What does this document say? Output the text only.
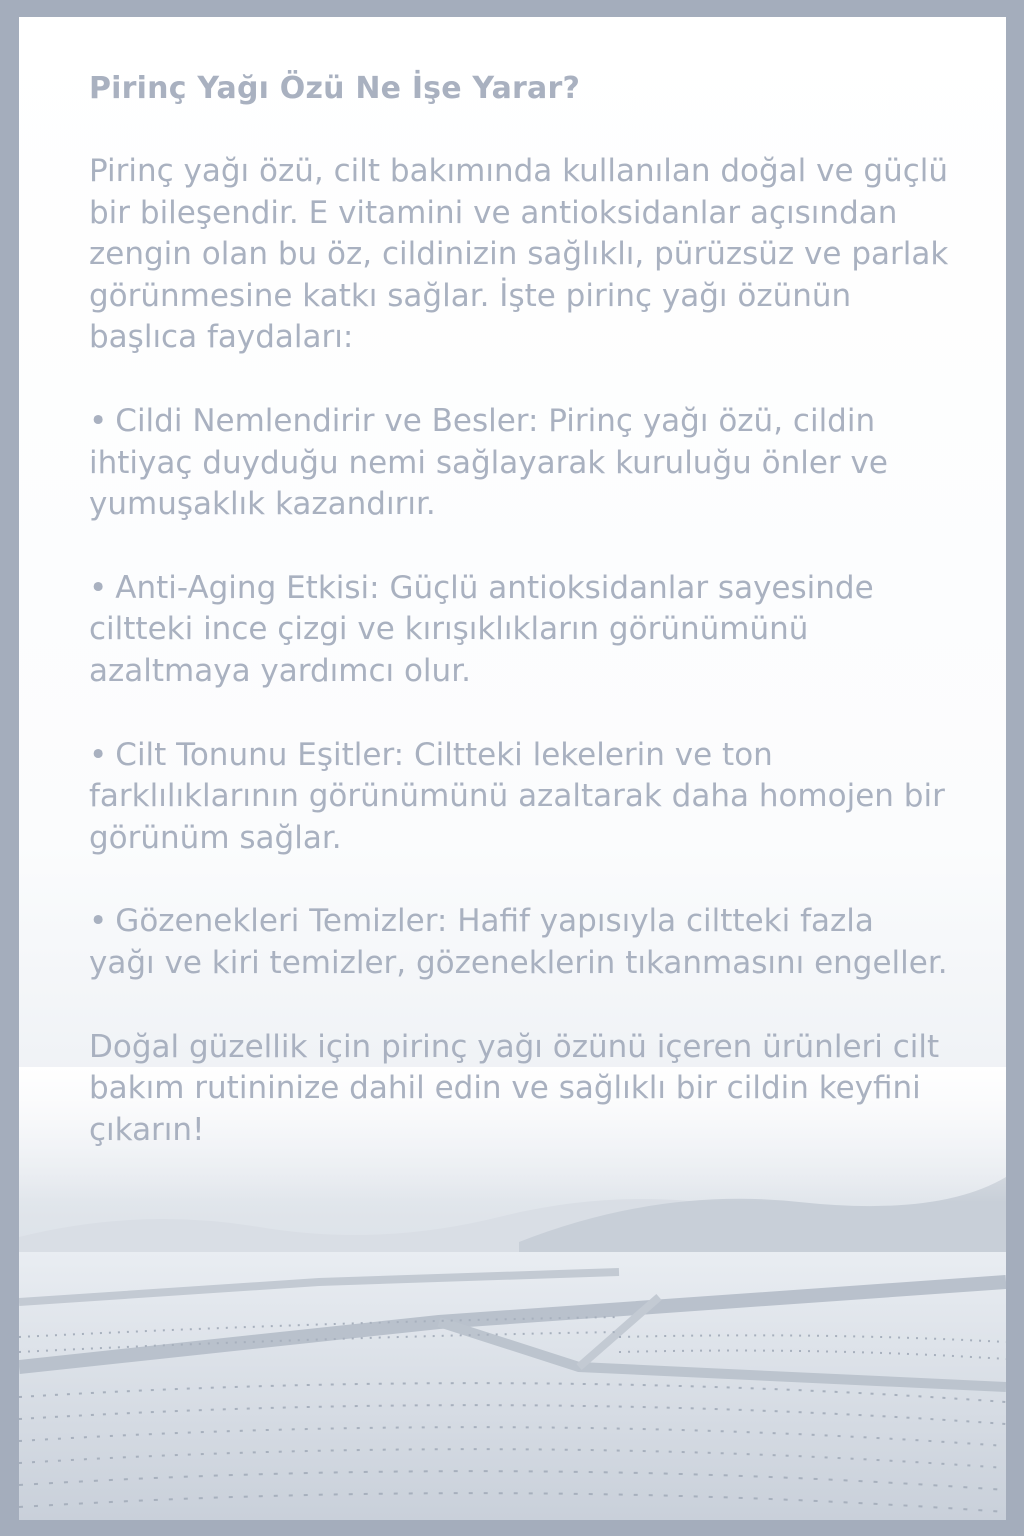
Pirinç Yağı Özü Ne İşe Yarar?
Pirinç yağı özü, cilt bakımında kullanılan doğal ve güçlü bir bileşendir. E vitamini ve antioksidanlar açısından zengin olan bu öz, cildinizin sağlıklı, pürüzsüz ve parlak görünmesine katkı sağlar. İşte pirinç yağı özünün başlıca faydaları:
• Cildi Nemlendirir ve Besler: Pirinç yağı özü, cildin ihtiyaç duyduğu nemi sağlayarak kuruluğu önler ve yumuşaklık kazandırır.
• Anti-Aging Etkisi: Güçlü antioksidanlar sayesinde ciltteki ince çizgi ve kırışıklıkların görünümünü azaltmaya yardımcı olur.
• Cilt Tonunu Eşitler: Ciltteki lekelerin ve ton farklılıklarının görünümünü azaltarak daha homojen bir görünüm sağlar.
• Gözenekleri Temizler: Hafif yapısıyla ciltteki fazla yağı ve kiri temizler, gözeneklerin tıkanmasını engeller.
Doğal güzellik için pirinç yağı özünü içeren ürünleri cilt bakım rutininize dahil edin ve sağlıklı bir cildin keyfini çıkarın!
